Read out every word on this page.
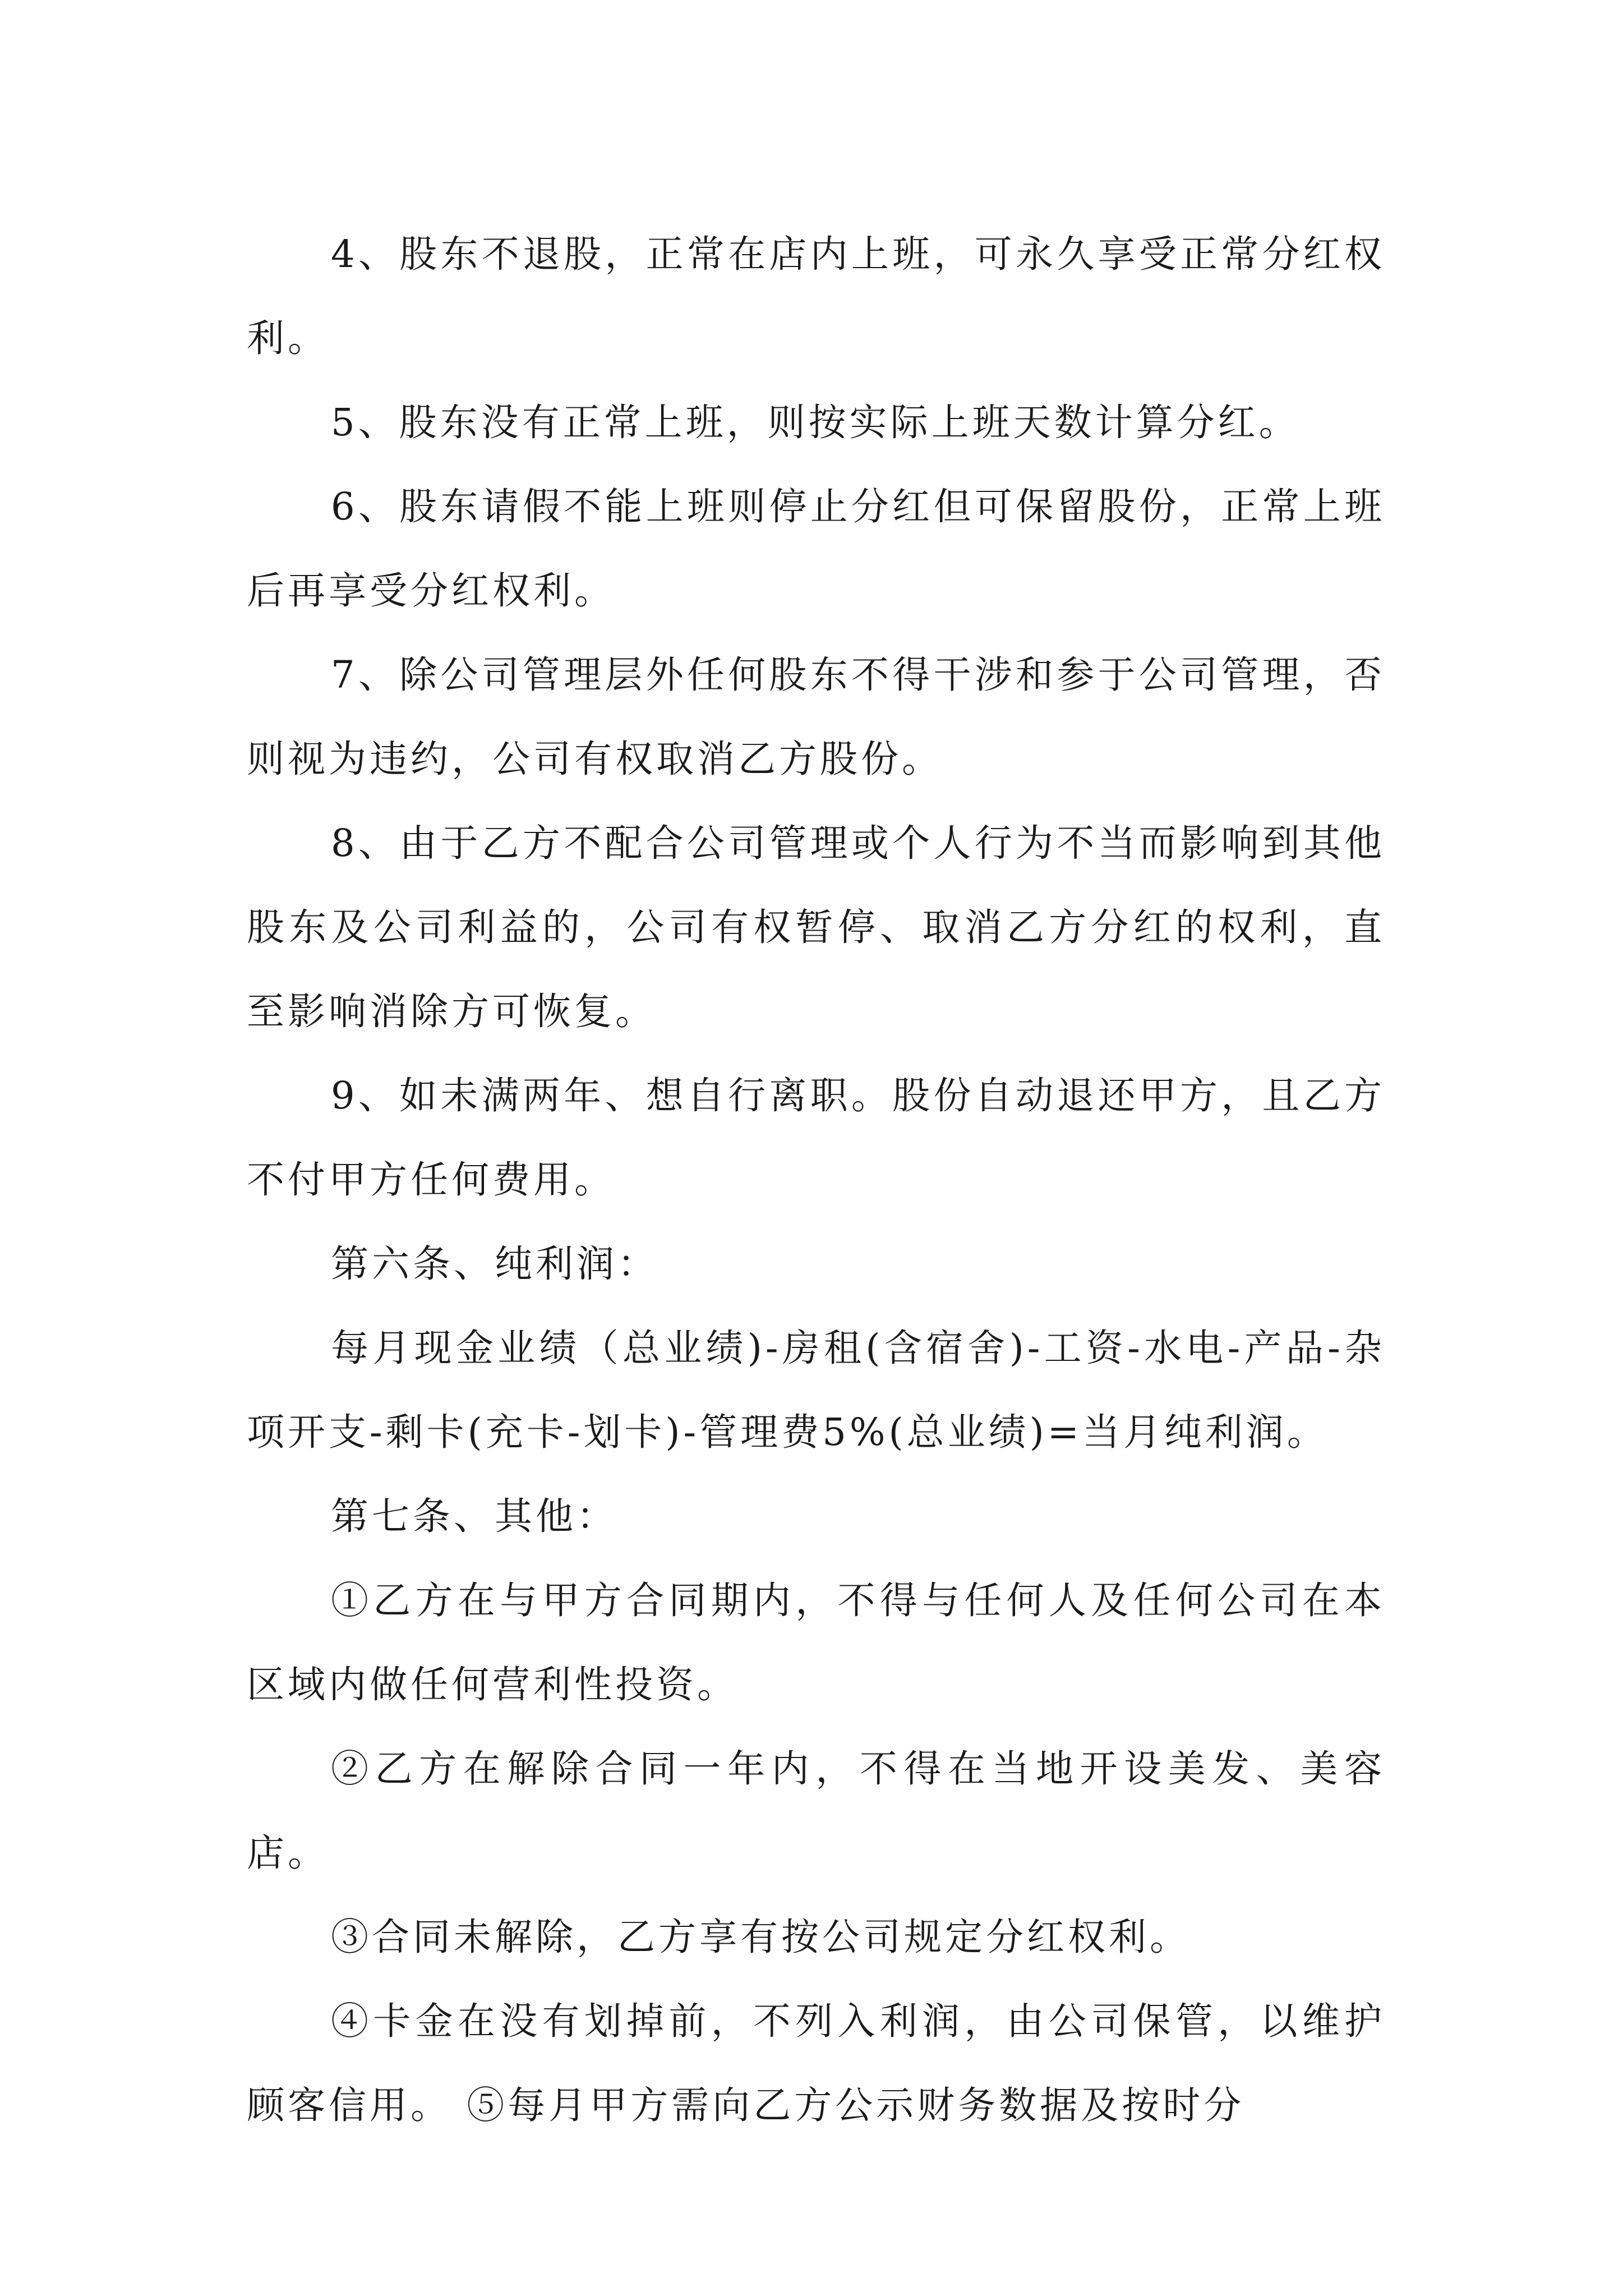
4、股东不退股，正常在店内上班，可永久享受正常分红权利。

5、股东没有正常上班，则按实际上班天数计算分红。

6、股东请假不能上班则停止分红但可保留股份，正常上班后再享受分红权利。

7、除公司管理层外任何股东不得干涉和参于公司管理，否则视为违约，公司有权取消乙方股份。

8、由于乙方不配合公司管理或个人行为不当而影响到其他股东及公司利益的，公司有权暂停、取消乙方分红的权利，直至影响消除方可恢复。

9、如未满两年、想自行离职。股份自动退还甲方，且乙方不付甲方任何费用。

第六条、纯利润：

每月现金业绩（总业绩)-房租(含宿舍)-工资-水电-产品-杂项开支-剩卡(充卡-划卡)-管理费5%(总业绩)=当月纯利润。

第七条、其他：

①乙方在与甲方合同期内，不得与任何人及任何公司在本区域内做任何营利性投资。

②乙方在解除合同一年内，不得在当地开设美发、美容店。

③合同未解除，乙方享有按公司规定分红权利。

④卡金在没有划掉前，不列入利润，由公司保管，以维护顾客信用。 ⑤每月甲方需向乙方公示财务数据及按时分
